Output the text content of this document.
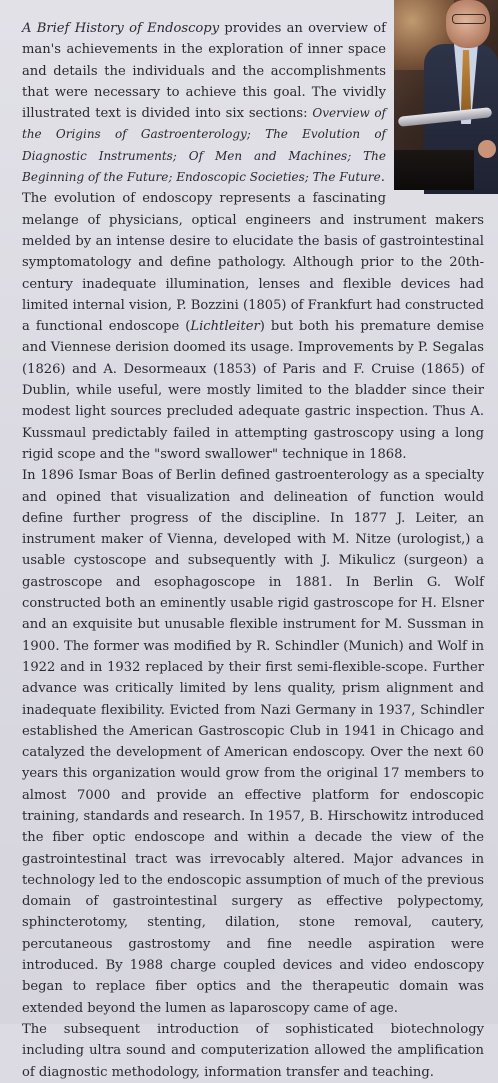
A Brief History of Endoscopy provides an overview of man's achievements in the exploration of inner space and details the individuals and the accomplishments that were necessary to achieve this goal. The vividly illustrated text is divided into six sections: Overview of the Origins of Gastroenterology; The Evolution of Diagnostic Instruments; Of Men and Machines; The Beginning of the Future; Endoscopic Societies; The Future.

The evolution of endoscopy represents a fascinating melange of physicians, optical engineers and instrument makers melded by an intense desire to elucidate the basis of gastrointestinal symptomatology and define pathology. Although prior to the 20th-century inadequate illumination, lenses and flexible devices had limited internal vision, P. Bozzini (1805) of Frankfurt had constructed a functional endoscope (Lichtleiter) but both his premature demise and Viennese derision doomed its usage. Improvements by P. Segalas (1826) and A. Desormeaux (1853) of Paris and F. Cruise (1865) of Dublin, while useful, were mostly limited to the bladder since their modest light sources precluded adequate gastric inspection. Thus A. Kussmaul predictably failed in attempting gastroscopy using a long rigid scope and the "sword swallower" technique in 1868.

In 1896 Ismar Boas of Berlin defined gastroenterology as a specialty and opined that visualization and delineation of function would define further progress of the discipline. In 1877 J. Leiter, an instrument maker of Vienna, developed with M. Nitze (urologist,) a usable cystoscope and subsequently with J. Mikulicz (surgeon) a gastroscope and esophagoscope in 1881. In Berlin G. Wolf constructed both an eminently usable rigid gastroscope for H. Elsner and an exquisite but unusable flexible instrument for M. Sussman in 1900. The former was modified by R. Schindler (Munich) and Wolf in 1922 and in 1932 replaced by their first semi-flexible-scope. Further advance was critically limited by lens quality, prism alignment and inadequate flexibility. Evicted from Nazi Germany in 1937, Schindler established the American Gastroscopic Club in 1941 in Chicago and catalyzed the development of American endoscopy. Over the next 60 years this organization would grow from the original 17 members to almost 7000 and provide an effective platform for endoscopic training, standards and research. In 1957, B. Hirschowitz introduced the fiber optic endoscope and within a decade the view of the gastrointestinal tract was irrevocably altered. Major advances in technology led to the endoscopic assumption of much of the previous domain of gastrointestinal surgery as effective polypectomy, sphincterotomy, stenting, dilation, stone removal, cautery, percutaneous gastrostomy and fine needle aspiration were introduced. By 1988 charge coupled devices and video endoscopy began to replace fiber optics and the therapeutic domain was extended beyond the lumen as laparoscopy came of age.

The subsequent introduction of sophisticated biotechnology including ultra sound and computerization allowed the amplification of diagnostic methodology, information transfer and teaching.
